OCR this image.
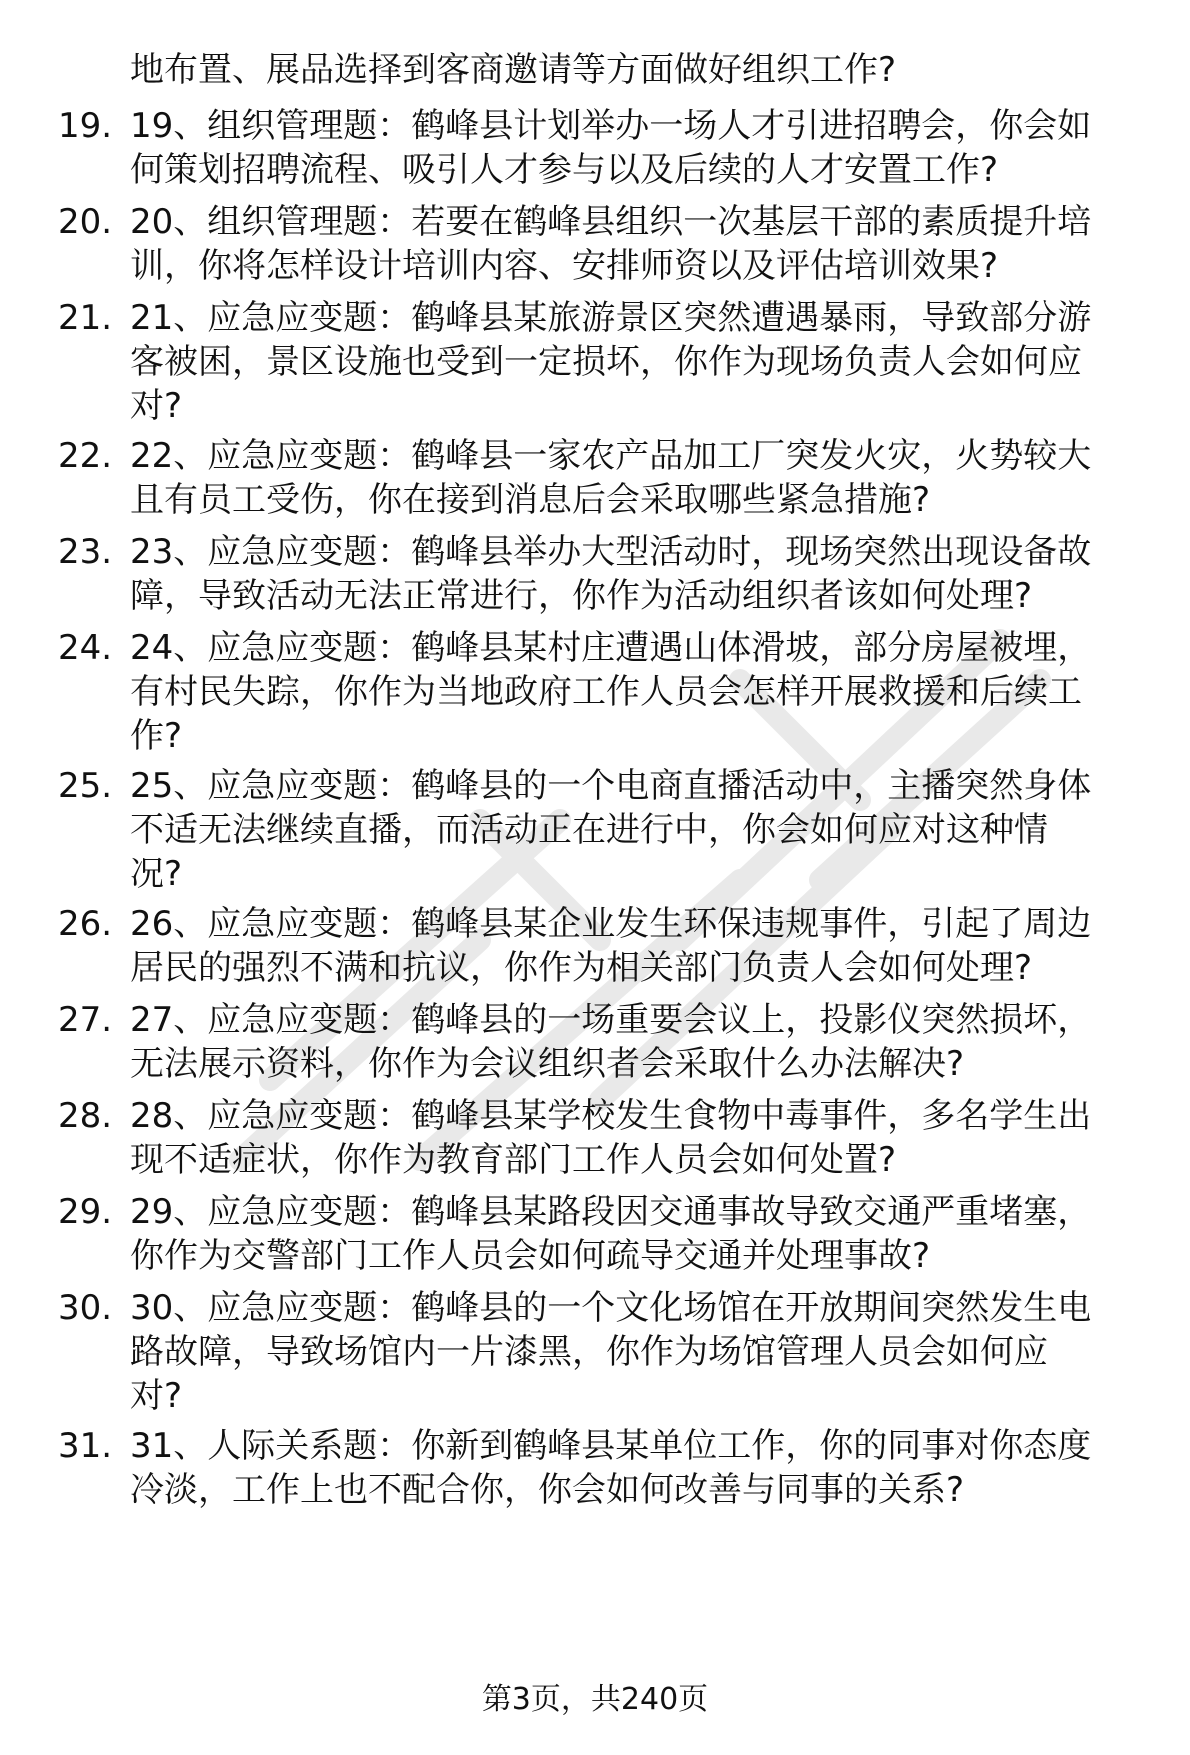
地布置、展品选择到客商邀请等方面做好组织工作?
19. 19、组织管理题：鹤峰县计划举办一场人才引进招聘会，你会如
何策划招聘流程、吸引人才参与以及后续的人才安置工作?
20. 20、组织管理题：若要在鹤峰县组织一次基层干部的素质提升培
训，你将怎样设计培训内容、安排师资以及评估培训效果?
21. 21、应急应变题：鹤峰县某旅游景区突然遭遇暴雨，导致部分游
客被困，景区设施也受到一定损坏，你作为现场负责人会如何应
对?
22. 22、应急应变题：鹤峰县一家农产品加工厂突发火灾，火势较大
且有员工受伤，你在接到消息后会采取哪些紧急措施?
23. 23、应急应变题：鹤峰县举办大型活动时，现场突然出现设备故
障，导致活动无法正常进行，你作为活动组织者该如何处理?
24. 24、应急应变题：鹤峰县某村庄遭遇山体滑坡，部分房屋被埋，
有村民失踪，你作为当地政府工作人员会怎样开展救援和后续工
作?
25. 25、应急应变题：鹤峰县的一个电商直播活动中，主播突然身体
不适无法继续直播，而活动正在进行中，你会如何应对这种情
况?
26. 26、应急应变题：鹤峰县某企业发生环保违规事件，引起了周边
居民的强烈不满和抗议，你作为相关部门负责人会如何处理?
27. 27、应急应变题：鹤峰县的一场重要会议上，投影仪突然损坏，
无法展示资料，你作为会议组织者会采取什么办法解决?
28. 28、应急应变题：鹤峰县某学校发生食物中毒事件，多名学生出
现不适症状，你作为教育部门工作人员会如何处置?
29. 29、应急应变题：鹤峰县某路段因交通事故导致交通严重堵塞，
你作为交警部门工作人员会如何疏导交通并处理事故?
30. 30、应急应变题：鹤峰县的一个文化场馆在开放期间突然发生电
路故障，导致场馆内一片漆黑，你作为场馆管理人员会如何应
对?
31. 31、人际关系题：你新到鹤峰县某单位工作，你的同事对你态度
冷淡，工作上也不配合你，你会如何改善与同事的关系?
第3页，共240页
